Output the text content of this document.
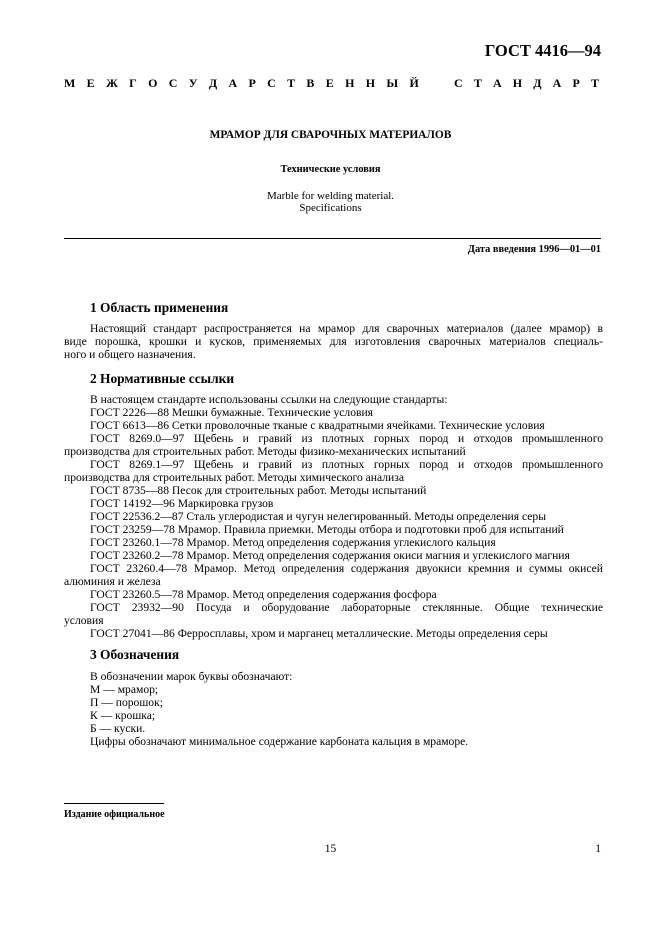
ГОСТ 4416—94
М Е Ж Г О С У Д А Р С Т В Е Н Н Ы Й	С Т А Н Д А Р Т
МРАМОР ДЛЯ СВАРОЧНЫХ МАТЕРИАЛОВ
Технические условия
Marble for welding material.
Specifications
Дата введения 1996—01—01
1 Область применения
Настоящий стандарт распространяется на мрамор для сварочных материалов (далее мрамор) в
виде порошка, крошки и кусков, применяемых для изготовления сварочных материалов специаль-
ного и общего назначения.
2 Нормативные ссылки
В настоящем стандарте использованы ссылки на следующие стандарты:
ГОСТ 2226—88 Мешки бумажные. Технические условия
ГОСТ 6613—86 Сетки проволочные тканые с квадратными ячейками. Технические условия
ГОСТ 8269.0—97 Щебень и гравий из плотных горных пород и отходов промышленного
производства для строительных работ. Методы физико-механических испытаний
ГОСТ 8269.1—97 Щебень и гравий из плотных горных пород и отходов промышленного
производства для строительных работ. Методы химического анализа
ГОСТ 8735—88 Песок для строительных работ. Методы испытаний
ГОСТ 14192—96 Маркировка грузов
ГОСТ 22536.2—87 Сталь углеродистая и чугун нелегированный. Методы определения серы
ГОСТ 23259—78 Мрамор. Правила приемки. Методы отбора и подготовки проб для испытаний
ГОСТ 23260.1—78 Мрамор. Метод определения содержания углекислого кальция
ГОСТ 23260.2—78 Мрамор. Метод определения содержания окиси магния и углекислого магния
ГОСТ 23260.4—78 Мрамор. Метод определения содержания двуокиси кремния и суммы окисей
алюминия и железа
ГОСТ 23260.5—78 Мрамор. Метод определения содержания фосфора
ГОСТ 23932—90 Посуда и оборудование лабораторные стеклянные. Общие технические
условия
ГОСТ 27041—86 Ферросплавы, хром и марганец металлические. Методы определения серы
3 Обозначения
В обозначении марок буквы обозначают:
М — мрамор;
П — порошок;
К — крошка;
Б — куски.
Цифры обозначают минимальное содержание карбоната кальция в мраморе.
Издание официальное
15	1
